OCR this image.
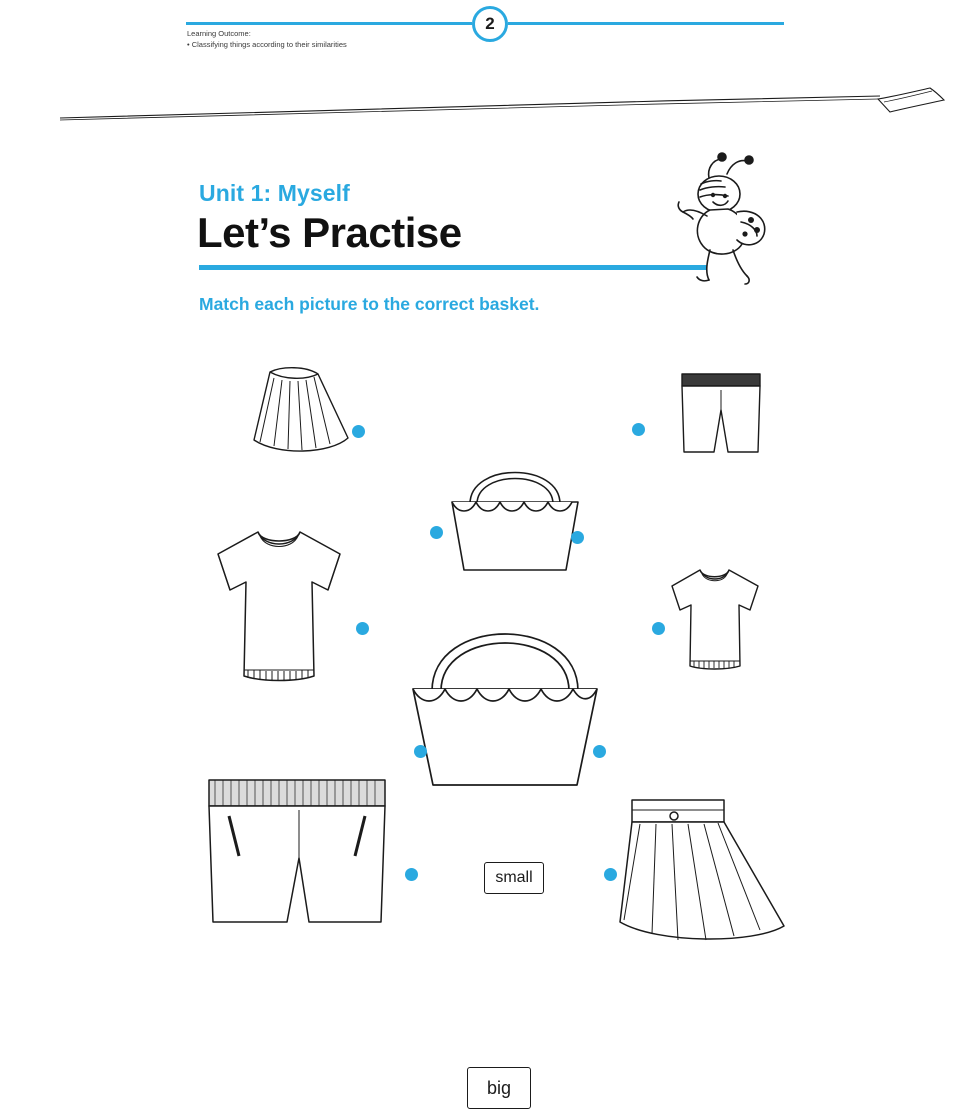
2
Learning Outcome:
• Classifying things according to their similarities
Unit 1: Myself
Let’s Practise
Match each picture to the correct basket.
small
big
